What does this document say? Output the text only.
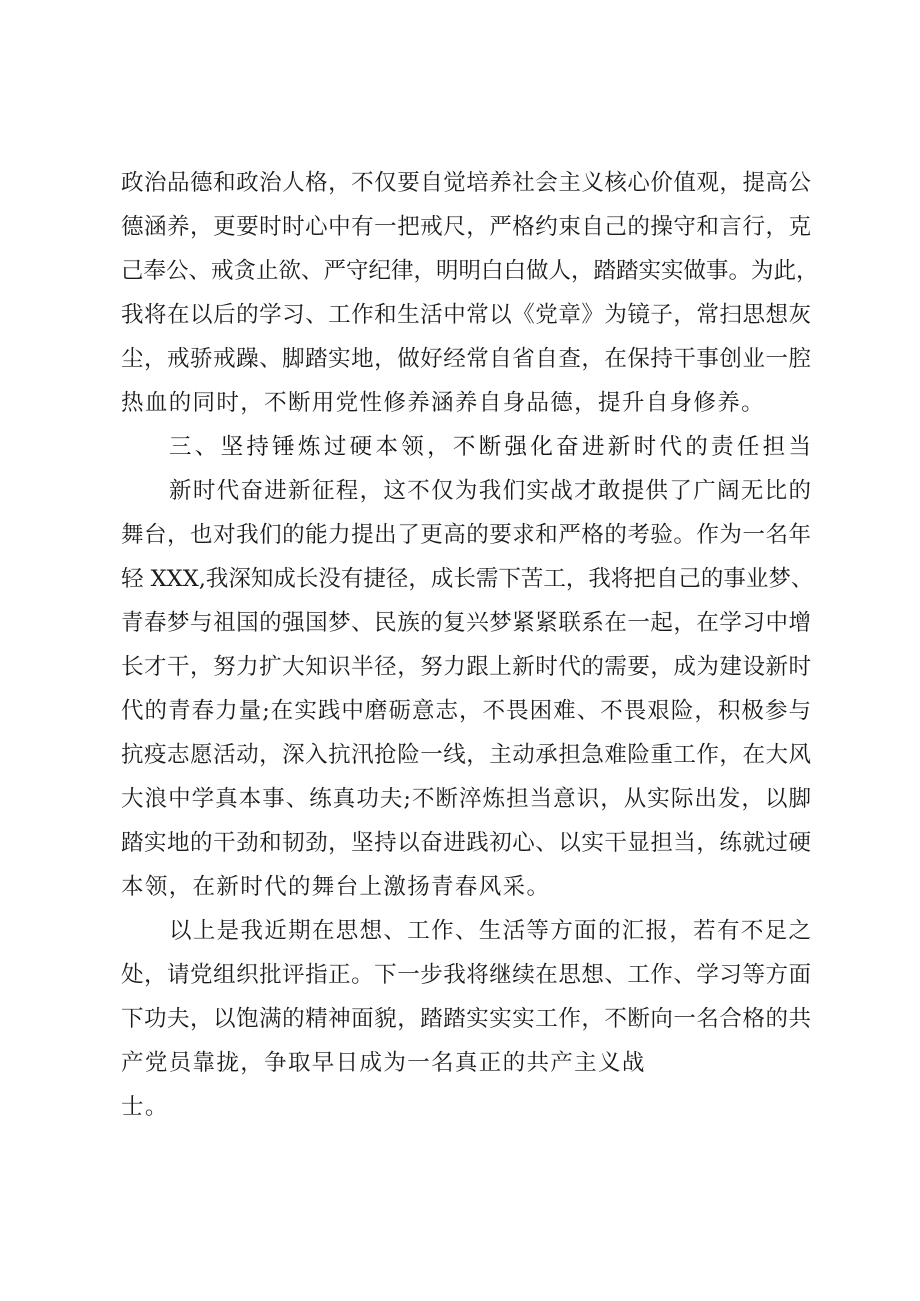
政治品德和政治人格，不仅要自觉培养社会主义核心价值观，提高公
德涵养，更要时时心中有一把戒尺，严格约束自己的操守和言行，克
己奉公、戒贪止欲、严守纪律，明明白白做人，踏踏实实做事。为此，
我将在以后的学习、工作和生活中常以《党章》为镜子，常扫思想灰
尘，戒骄戒躁、脚踏实地，做好经常自省自查，在保持干事创业一腔
热血的同时，不断用党性修养涵养自身品德，提升自身修养。
三、坚持锤炼过硬本领，不断强化奋进新时代的责任担当
新时代奋进新征程，这不仅为我们实战才敢提供了广阔无比的
舞台，也对我们的能力提出了更高的要求和严格的考验。作为一名年
轻 XXX,我深知成长没有捷径，成长需下苦工，我将把自己的事业梦、
青春梦与祖国的强国梦、民族的复兴梦紧紧联系在一起，在学习中增
长才干，努力扩大知识半径，努力跟上新时代的需要，成为建设新时
代的青春力量;在实践中磨砺意志，不畏困难、不畏艰险，积极参与
抗疫志愿活动，深入抗汛抢险一线，主动承担急难险重工作，在大风
大浪中学真本事、练真功夫;不断淬炼担当意识，从实际出发，以脚
踏实地的干劲和韧劲，坚持以奋进践初心、以实干显担当，练就过硬
本领，在新时代的舞台上激扬青春风采。
以上是我近期在思想、工作、生活等方面的汇报，若有不足之
处，请党组织批评指正。下一步我将继续在思想、工作、学习等方面
下功夫，以饱满的精神面貌，踏踏实实实工作，不断向一名合格的共
产党员靠拢，争取早日成为一名真正的共产主义战
士。
